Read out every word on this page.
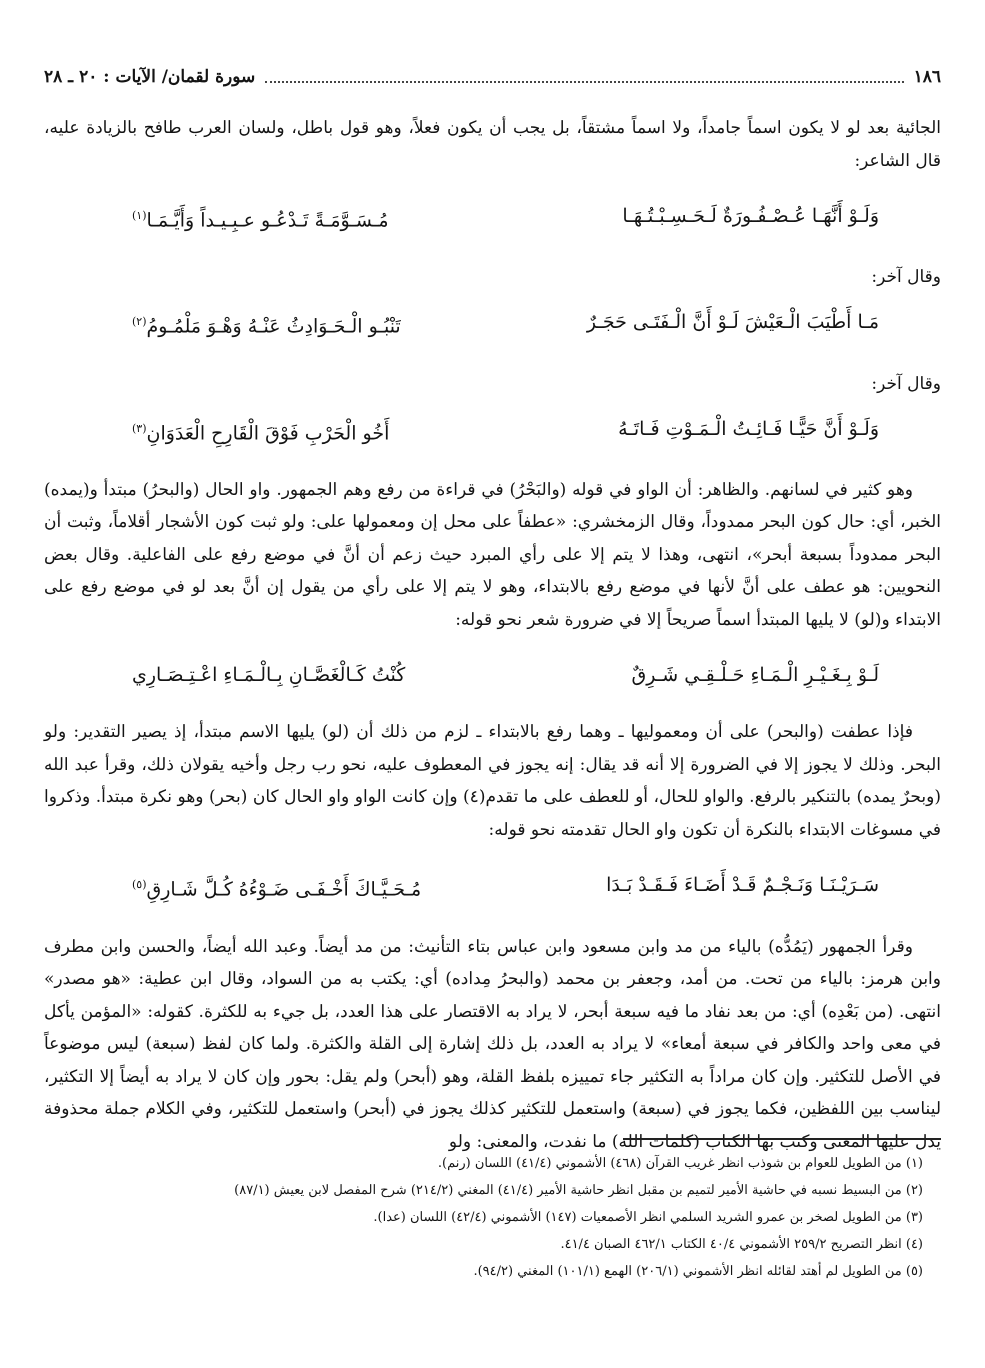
١٨٦
سورة لقمان/ الآيات : ٢٠ ـ ٢٨

الجائية بعد لو لا يكون اسماً جامداً، ولا اسماً مشتقاً، بل يجب أن يكون فعلاً، وهو قول باطل، ولسان العرب طافح بالزيادة عليه، قال الشاعر:

وَلَـوْ أَنَّهَـا عُـصْـفُـورَةٌ لَـحَـسِـبْـتُـهَـا
مُـسَـوَّمَـةً تَـدْعُـو عـبِـيـداً وَأَيَّـمَـا$^{(١)}$

وقال آخر:

مَـا أَطْيَبَ الْـعَيْشَ لَـوْ أَنَّ الْـفَتَـى حَجَـرٌ
تَنْبُـو الْـحَـوَادِثُ عَنْـهُ وَهْـوَ مَلْمُـومُ$^{(٢)}$

وقال آخر:

وَلَـوْ أَنَّ حَيًّـا فَـائِـتُ الْـمَـوْتِ فَـاتَـهُ
أَخُو الْحَرْبِ فَوْقَ الْقَارِحِ الْعَدَوَانِ$^{(٣)}$

وهو كثير في لسانهم. والظاهر: أن الواو في قوله (والبَحْرُ) في قراءة من رفع وهم الجمهور. واو الحال (والبحرُ) مبتدأ و(يمده) الخبر، أي: حال كون البحر ممدوداً، وقال الزمخشري: «عطفاً على محل إن ومعمولها على: ولو ثبت كون الأشجار أقلاماً، وثبت أن البحر ممدوداً بسبعة أبحر»، انتهى، وهذا لا يتم إلا على رأي المبرد حيث زعم أن أنَّ في موضع رفع على الفاعلية. وقال بعض النحويين: هو عطف على أنَّ لأنها في موضع رفع بالابتداء، وهو لا يتم إلا على رأي من يقول إن أنَّ بعد لو في موضع رفع على الابتداء و(لو) لا يليها المبتدأ اسماً صريحاً إلا في ضرورة شعر نحو قوله:

لَـوْ بِـغَـيْـرِ الْـمَـاءِ حَـلْـقِـي شَـرِقٌ
كُنْتُ كَـالْغَصَّـانِ بِـالْـمَـاءِ اعْـتِـصَـارِي

فإذا عطفت (والبحر) على أن ومعموليها ـ وهما رفع بالابتداء ـ لزم من ذلك أن (لو) يليها الاسم مبتدأ، إذ يصير التقدير: ولو البحر. وذلك لا يجوز إلا في الضرورة إلا أنه قد يقال: إنه يجوز في المعطوف عليه، نحو رب رجل وأخيه يقولان ذلك، وقرأ عبد الله (وبحرٌ يمده) بالتنكير بالرفع. والواو للحال، أو للعطف على ما تقدم(٤) وإن كانت الواو واو الحال كان (بحر) وهو نكرة مبتدأ. وذكروا في مسوغات الابتداء بالنكرة أن تكون واو الحال تقدمته نحو قوله:

سَـرَيْـنَـا وَنَـجْـمٌ قَـدْ أَضَـاءَ فَـقَـدْ بَـدَا
مُـحَـيَّـاكَ أَخْـفَـى ضَـوْءُهُ كُـلَّ شَـارِقِ$^{(٥)}$

وقرأ الجمهور (يَمُدُّه) بالياء من مد وابن مسعود وابن عباس بتاء التأنيث: من مد أيضاً. وعبد الله أيضاً، والحسن وابن مطرف وابن هرمز: بالياء من تحت. من أمد، وجعفر بن محمد (والبحرُ مِداده) أي: يكتب به من السواد، وقال ابن عطية: «هو مصدر» انتهى. (من بَعْدِه) أي: من بعد نفاد ما فيه سبعة أبحر، لا يراد به الاقتصار على هذا العدد، بل جيء به للكثرة. كقوله: «المؤمن يأكل في معى واحد والكافر في سبعة أمعاء» لا يراد به العدد، بل ذلك إشارة إلى القلة والكثرة. ولما كان لفظ (سبعة) ليس موضوعاً في الأصل للتكثير. وإن كان مراداً به التكثير جاء تمييزه بلفظ القلة، وهو (أبحر) ولم يقل: بحور وإن كان لا يراد به أيضاً إلا التكثير، ليناسب بين اللفظين، فكما يجوز في (سبعة) واستعمل للتكثير كذلك يجوز في (أبحر) واستعمل للتكثير، وفي الكلام جملة محذوفة يدل عليها المعنى وكتب بها الكتاب (كلمات الله) ما نفدت، والمعنى: ولو

(١) من الطويل للعوام بن شوذب انظر غريب القرآن (٤٦٨) الأشموني (٤١/٤) اللسان (رنم).

(٢) من البسيط نسبه في حاشية الأمير لتميم بن مقبل انظر حاشية الأمير (٤١/٤) المغني (٢١٤/٢) شرح المفصل لابن يعيش (٨٧/١)

(٣) من الطويل لصخر بن عمرو الشريد السلمي انظر الأصمعيات (١٤٧) الأشموني (٤٢/٤) اللسان (عدا).

(٤) انظر التصريح ٢٥٩/٢ الأشموني ٤٠/٤ الكتاب ٤٦٢/١ الصبان ٤١/٤.

(٥) من الطويل لم أهتد لقائله انظر الأشموني (٢٠٦/١) الهمع (١٠١/١) المغني (٩٤/٢).
